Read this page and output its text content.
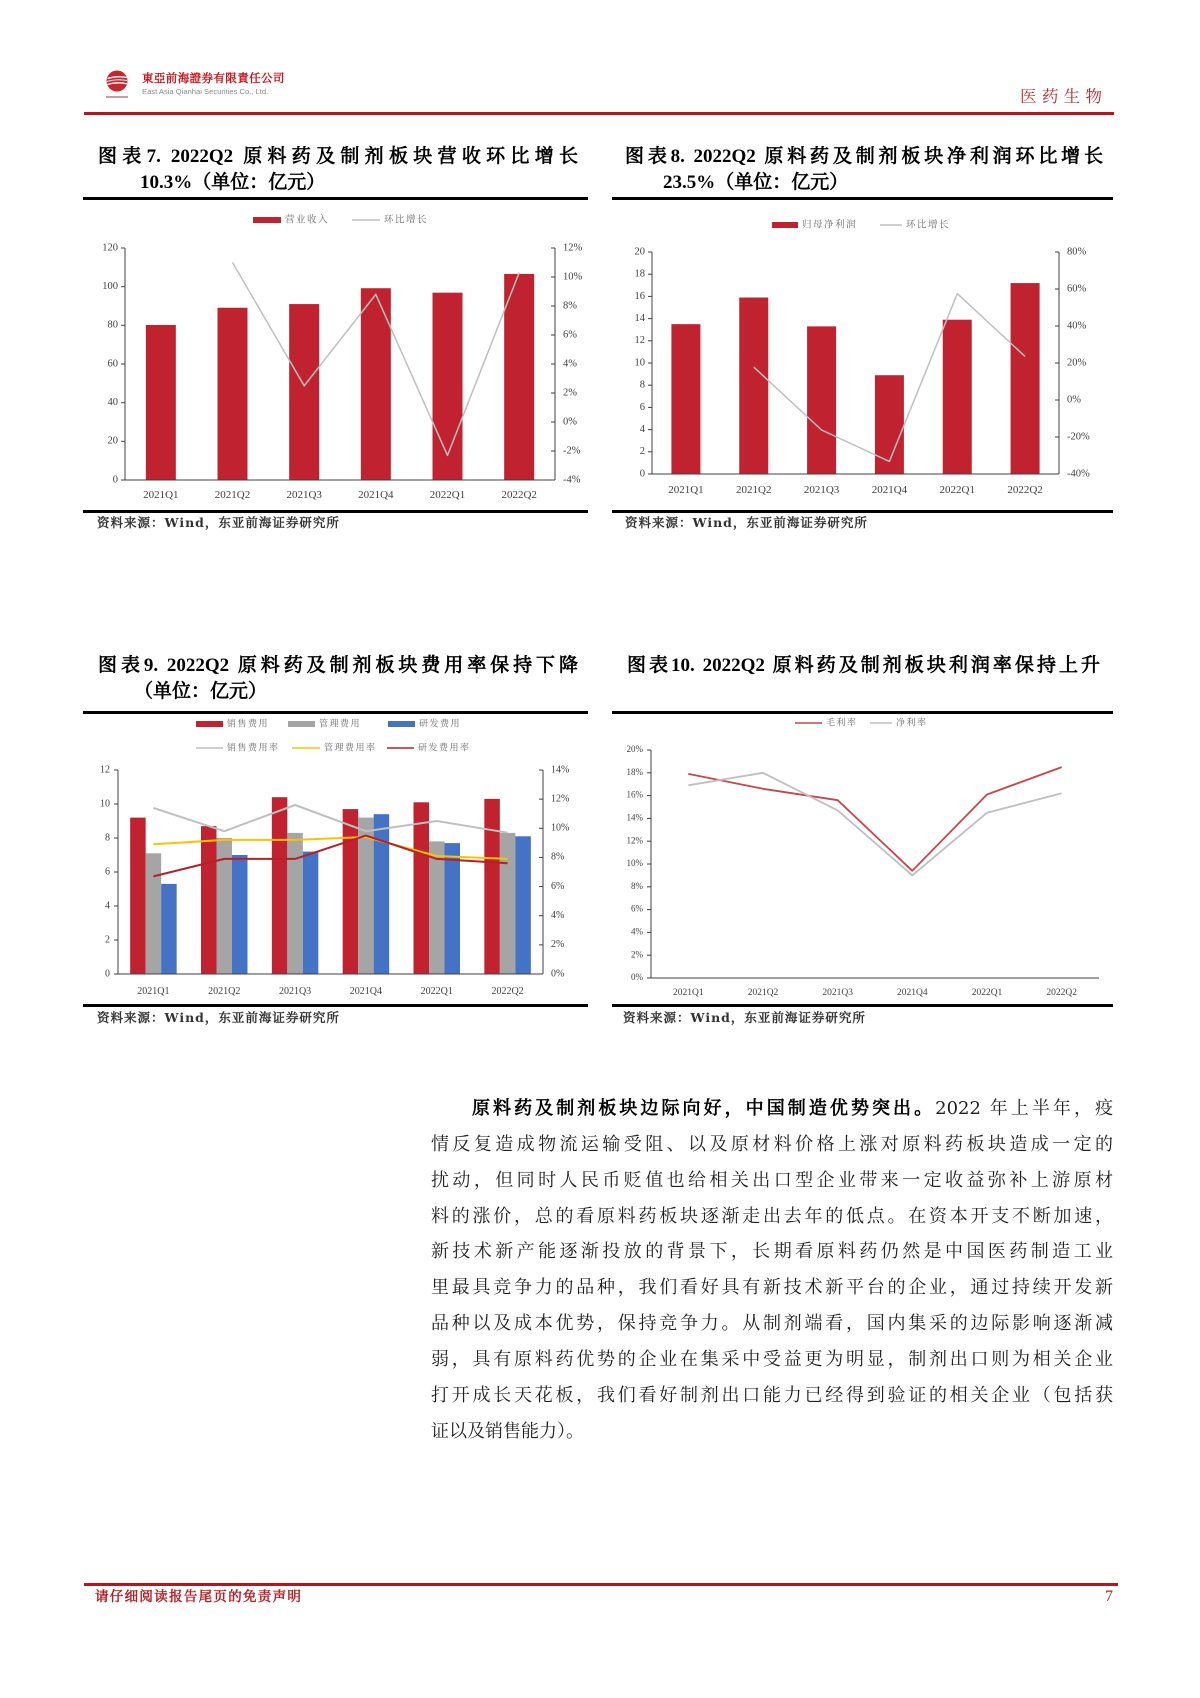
東亞前海證券有限責任公司
East Asia Qianhai Securities Co., Ltd.	医药生物
图表7. 2022Q2 原料药及制剂板块营收环比增长
10.3%（单位：亿元）
0
20
40
60
80
100
120
-4%
-2%
0%
2%
4%
6%
8%
10%
12%
2021Q1	2021Q2	2021Q3	2021Q4	2022Q1	2022Q2
营业收入	环比增长
资料来源：Wind，东亚前海证券研究所
图表8. 2022Q2 原料药及制剂板块净利润环比增长
23.5%（单位：亿元）
0
2
4
6
8
10
12
14
16
18
20
-40%
-20%
0%
20%
40%
60%
80%
2021Q1	2021Q2	2021Q3	2021Q4	2022Q1	2022Q2
归母净利润	环比增长
资料来源：Wind，东亚前海证券研究所
图表9. 2022Q2 原料药及制剂板块费用率保持下降
（单位：亿元）
0
2
4
6
8
10
12
0%
2%
4%
6%
8%
10%
12%
14%
2021Q1	2021Q2	2021Q3	2021Q4	2022Q1	2022Q2
销售费用	管理费用	研发费用
销售费用率	管理费用率	研发费用率
资料来源：Wind，东亚前海证券研究所
图表10. 2022Q2 原料药及制剂板块利润率保持上升
0%
2%
4%
6%
8%
10%
12%
14%
16%
18%
20%
2021Q1	2021Q2	2021Q3	2021Q4	2022Q1	2022Q2
毛利率	净利率
资料来源：Wind，东亚前海证券研究所
原料药及制剂板块边际向好，中国制造优势突出。2022 年上半年，疫
情反复造成物流运输受阻、以及原材料价格上涨对原料药板块造成一定的
扰动，但同时人民币贬值也给相关出口型企业带来一定收益弥补上游原材
料的涨价，总的看原料药板块逐渐走出去年的低点。在资本开支不断加速，
新技术新产能逐渐投放的背景下，长期看原料药仍然是中国医药制造工业
里最具竞争力的品种，我们看好具有新技术新平台的企业，通过持续开发新
品种以及成本优势，保持竞争力。从制剂端看，国内集采的边际影响逐渐减
弱，具有原料药优势的企业在集采中受益更为明显，制剂出口则为相关企业
打开成长天花板，我们看好制剂出口能力已经得到验证的相关企业（包括获
证以及销售能力）。
请仔细阅读报告尾页的免责声明	7
